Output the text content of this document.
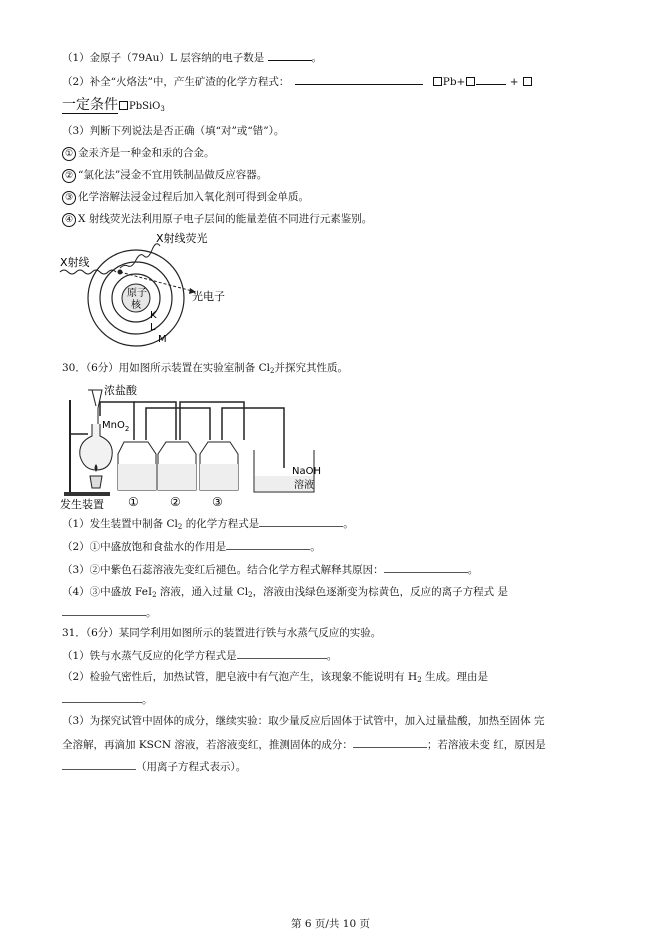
（1）金原子（79Au）L 层容纳的电子数是	。
（2）补全“火烙法”中，产生矿渣的化学方程式：	Pb+	+
一定条件 PbSiO$_3$
（3）判断下列说法是否正确（填“对”或“错”）。
① 金汞齐是一种金和汞的合金。
② “氯化法”浸金不宜用铁制品做反应容器。
③ 化学溶解法浸金过程后加入氧化剂可得到金单质。
④ X 射线荧光法利用原子电子层间的能量差值不同进行元素鉴别。
原子
核
X射线
X射线荧光
光电子
K
L
M
30．（6分）用如图所示装置在实验室制备 $Cl_2$并探究其性质。
浓盐酸
MnO$_2$
NaOH
溶液
发生装置 ①	②	③
（1）发生装置中制备 $Cl_2$ 的化学方程式是	。
（2）①中盛放饱和食盐水的作用是	。
（3）②中紫色石蕊溶液先变红后褪色。结合化学方程式解释其原因：	。
（4）③中盛放 FeI$_2$ 溶液，通入过量 $Cl_2$，溶液由浅绿色逐渐变为棕黄色，反应的离子方程式 是
。
31．（6分）某同学利用如图所示的装置进行铁与水蒸气反应的实验。
（1）铁与水蒸气反应的化学方程式是	。
（2）检验气密性后，加热试管，肥皂液中有气泡产生，该现象不能说明有 $H_2$ 生成。理由是
。
（3）为探究试管中固体的成分，继续实验：取少量反应后固体于试管中，加入过量盐酸，加热至固体 完
全溶解，再滴加 KSCN 溶液，若溶液变红，推测固体的成分：	；若溶液未变 红，原因是
（用离子方程式表示）。
第 6 页/共 10 页
